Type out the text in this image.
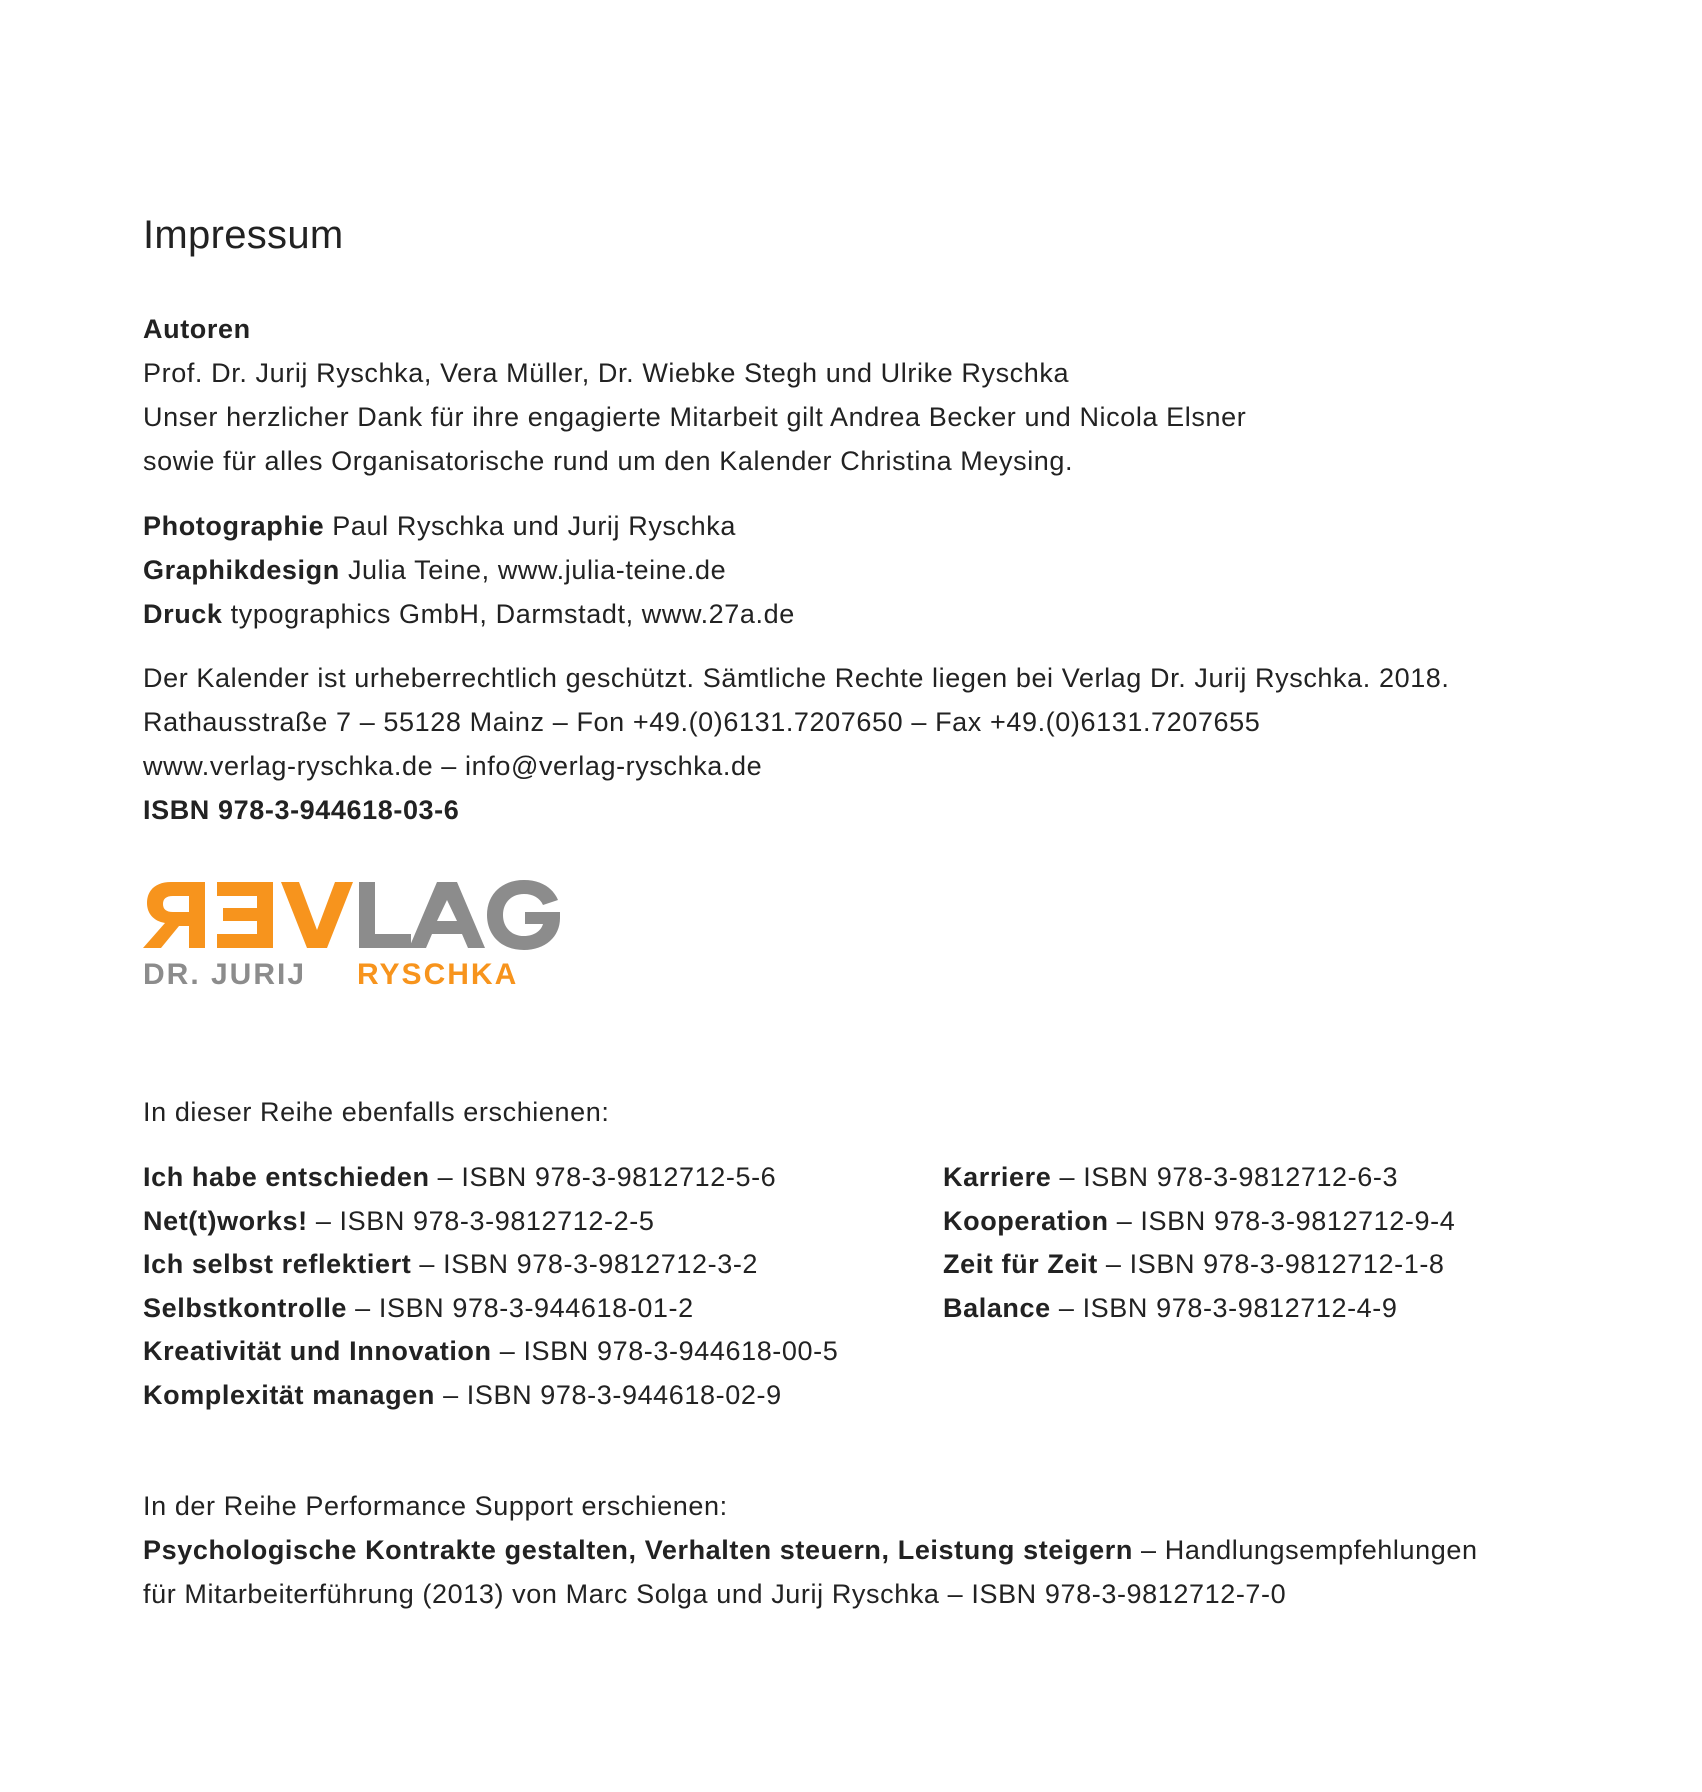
Impressum
Autoren
Prof. Dr. Jurij Ryschka, Vera Müller, Dr. Wiebke Stegh und Ulrike Ryschka
Unser herzlicher Dank für ihre engagierte Mitarbeit gilt Andrea Becker und Nicola Elsner
sowie für alles Organisatorische rund um den Kalender Christina Meysing.
Photographie Paul Ryschka und Jurij Ryschka
Graphikdesign Julia Teine, www.julia-teine.de
Druck typographics GmbH, Darmstadt, www.27a.de
Der Kalender ist urheberrechtlich geschützt. Sämtliche Rechte liegen bei Verlag Dr. Jurij Ryschka. 2018.
Rathausstraße 7 – 55128 Mainz – Fon +49.(0)6131.7207650 – Fax +49.(0)6131.7207655
www.verlag-ryschka.de – info@verlag-ryschka.de
ISBN 978-3-944618-03-6
DR. JURIJ RYSCHKA
In dieser Reihe ebenfalls erschienen:
Ich habe entschieden – ISBN 978-3-9812712-5-6
Net(t)works! – ISBN 978-3-9812712-2-5
Ich selbst reflektiert – ISBN 978-3-9812712-3-2
Selbstkontrolle – ISBN 978-3-944618-01-2
Kreativität und Innovation – ISBN 978-3-944618-00-5
Komplexität managen – ISBN 978-3-944618-02-9
Karriere – ISBN 978-3-9812712-6-3
Kooperation – ISBN 978-3-9812712-9-4
Zeit für Zeit – ISBN 978-3-9812712-1-8
Balance – ISBN 978-3-9812712-4-9
In der Reihe Performance Support erschienen:
Psychologische Kontrakte gestalten, Verhalten steuern, Leistung steigern – Handlungsempfehlungen
für Mitarbeiterführung (2013) von Marc Solga und Jurij Ryschka – ISBN 978-3-9812712-7-0
